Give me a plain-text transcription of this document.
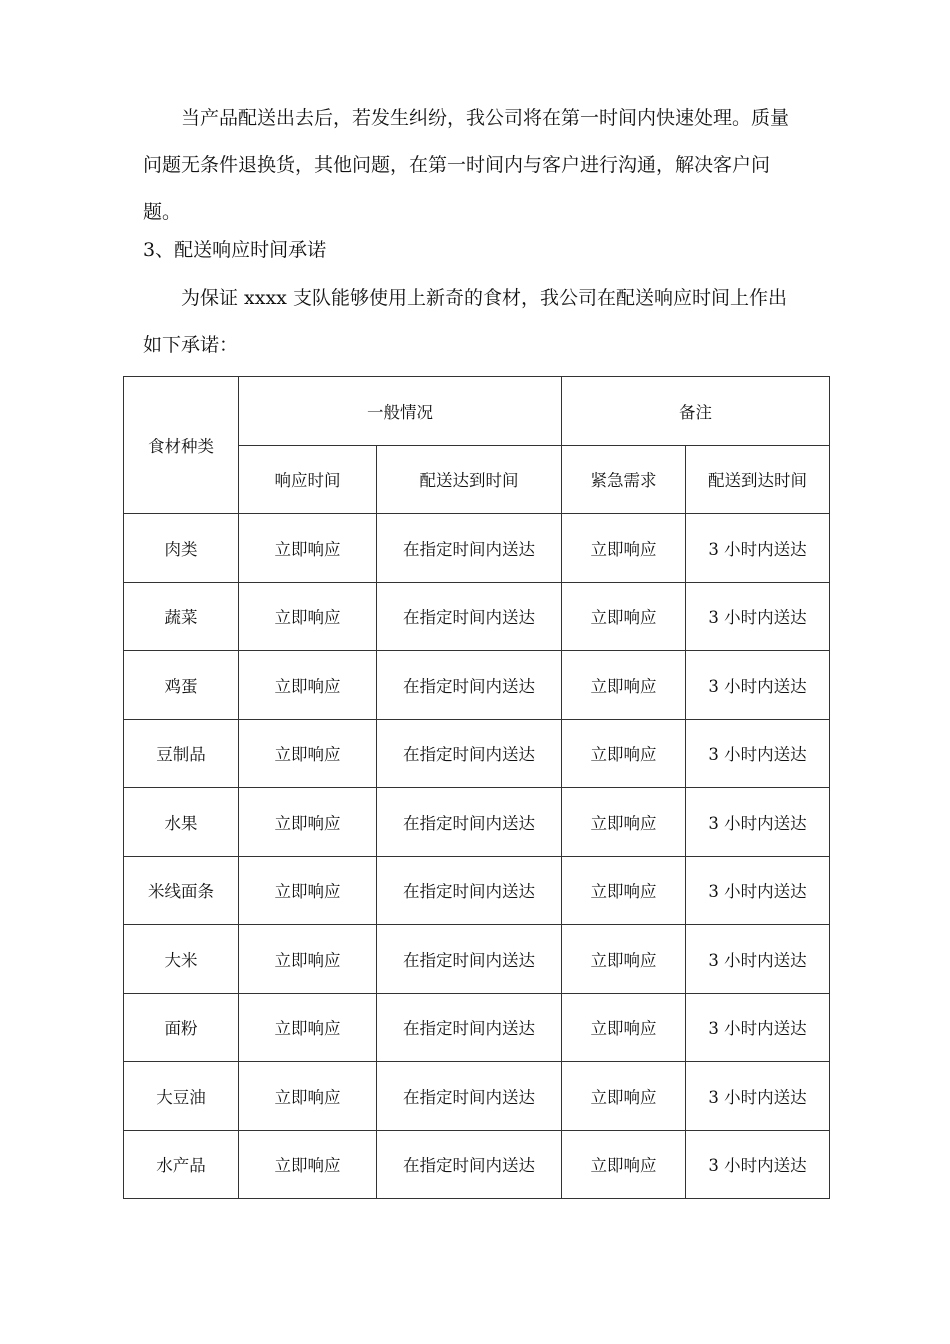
当产品配送出去后，若发生纠纷，我公司将在第一时间内快速处理。质量问题无条件退换货，其他问题，在第一时间内与客户进行沟通，解决客户问题。

3、配送响应时间承诺

为保证 xxxx 支队能够使用上新奇的食材，我公司在配送响应时间上作出如下承诺：

食材种类	一般情况		备注	
	响应时间	配送达到时间	紧急需求	配送到达时间
肉类	立即响应	在指定时间内送达	立即响应	3 小时内送达
蔬菜	立即响应	在指定时间内送达	立即响应	3 小时内送达
鸡蛋	立即响应	在指定时间内送达	立即响应	3 小时内送达
豆制品	立即响应	在指定时间内送达	立即响应	3 小时内送达
水果	立即响应	在指定时间内送达	立即响应	3 小时内送达
米线面条	立即响应	在指定时间内送达	立即响应	3 小时内送达
大米	立即响应	在指定时间内送达	立即响应	3 小时内送达
面粉	立即响应	在指定时间内送达	立即响应	3 小时内送达
大豆油	立即响应	在指定时间内送达	立即响应	3 小时内送达
水产品	立即响应	在指定时间内送达	立即响应	3 小时内送达
